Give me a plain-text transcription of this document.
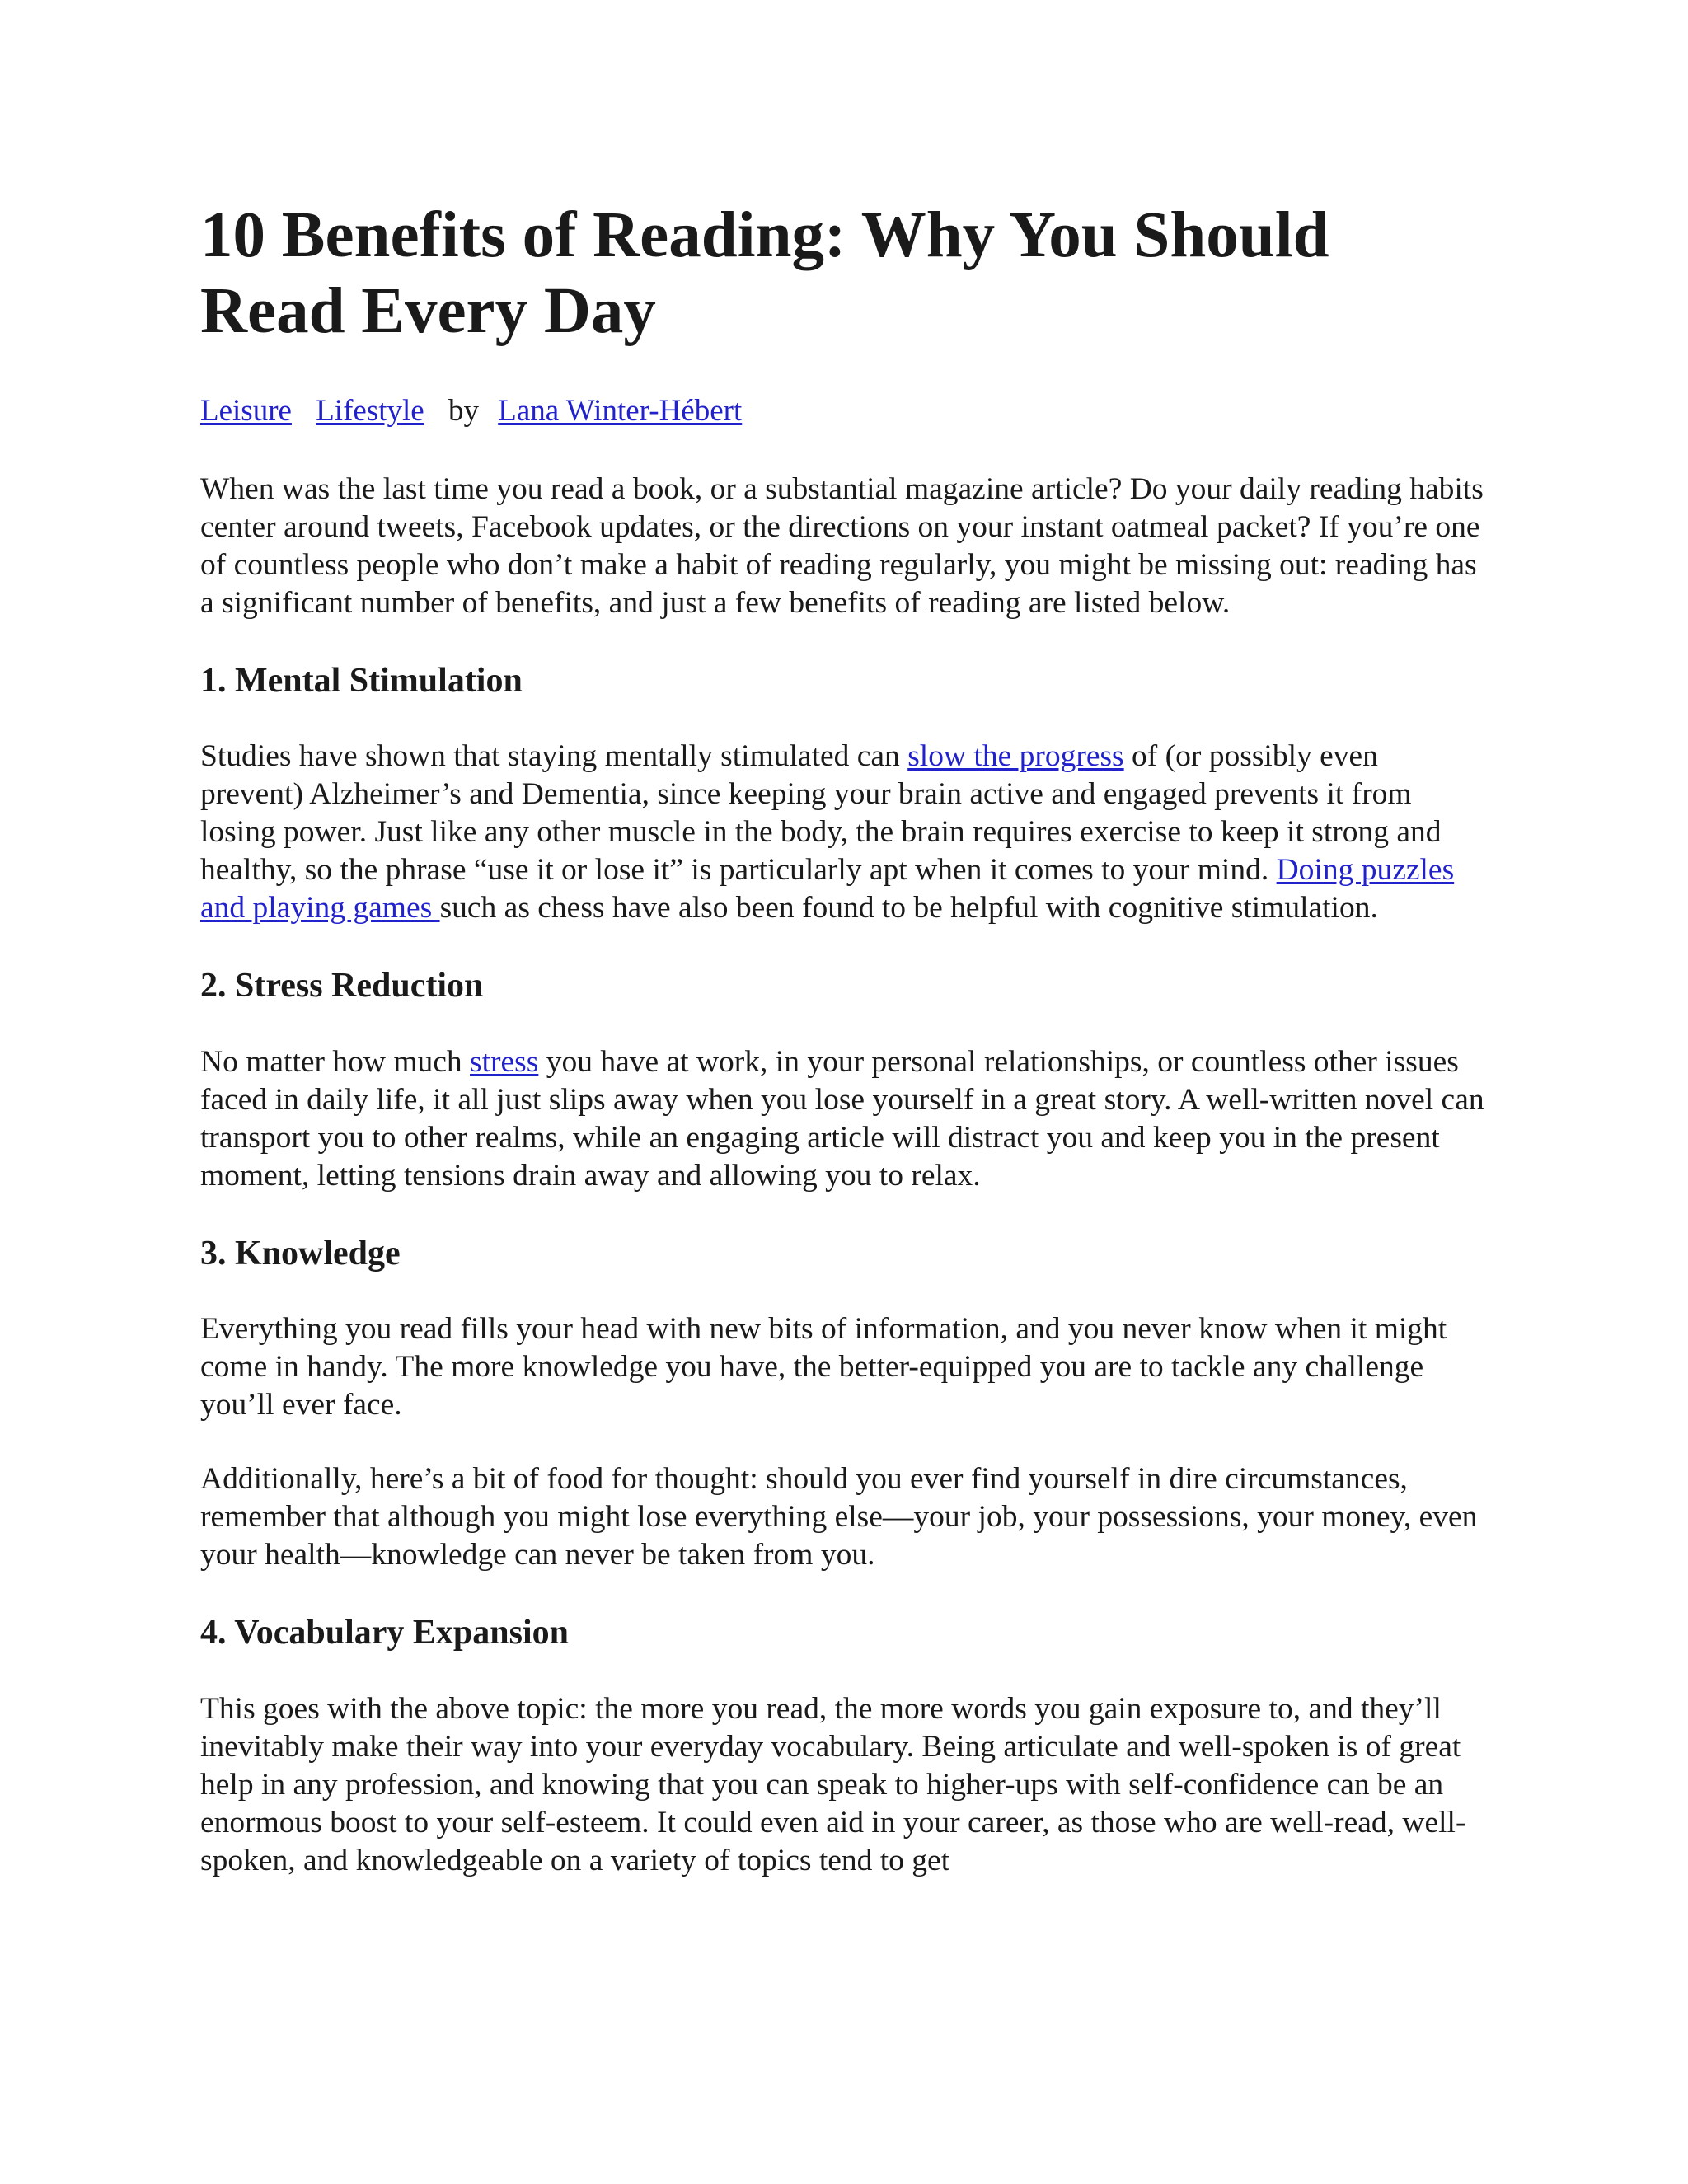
10 Benefits of Reading: Why You Should Read Every Day
Leisure Lifestyle by Lana Winter-Hébert

When was the last time you read a book, or a substantial magazine article? Do your daily reading habits center around tweets, Facebook updates, or the directions on your instant oatmeal packet? If you’re one of countless people who don’t make a habit of reading regularly, you might be missing out: reading has a significant number of benefits, and just a few benefits of reading are listed below.

1. Mental Stimulation

Studies have shown that staying mentally stimulated can slow the progress of (or possibly even prevent) Alzheimer’s and Dementia, since keeping your brain active and engaged prevents it from losing power. Just like any other muscle in the body, the brain requires exercise to keep it strong and healthy, so the phrase “use it or lose it” is particularly apt when it comes to your mind. Doing puzzles and playing games such as chess have also been found to be helpful with cognitive stimulation.

2. Stress Reduction

No matter how much stress you have at work, in your personal relationships, or countless other issues faced in daily life, it all just slips away when you lose yourself in a great story. A well-written novel can transport you to other realms, while an engaging article will distract you and keep you in the present moment, letting tensions drain away and allowing you to relax.

3. Knowledge

Everything you read fills your head with new bits of information, and you never know when it might come in handy. The more knowledge you have, the better-equipped you are to tackle any challenge you’ll ever face.

Additionally, here’s a bit of food for thought: should you ever find yourself in dire circumstances, remember that although you might lose everything else—your job, your possessions, your money, even your health—knowledge can never be taken from you.

4. Vocabulary Expansion

This goes with the above topic: the more you read, the more words you gain exposure to, and they’ll inevitably make their way into your everyday vocabulary. Being articulate and well-spoken is of great help in any profession, and knowing that you can speak to higher-ups with self-confidence can be an enormous boost to your self-esteem. It could even aid in your career, as those who are well-read, well-spoken, and knowledgeable on a variety of topics tend to get
